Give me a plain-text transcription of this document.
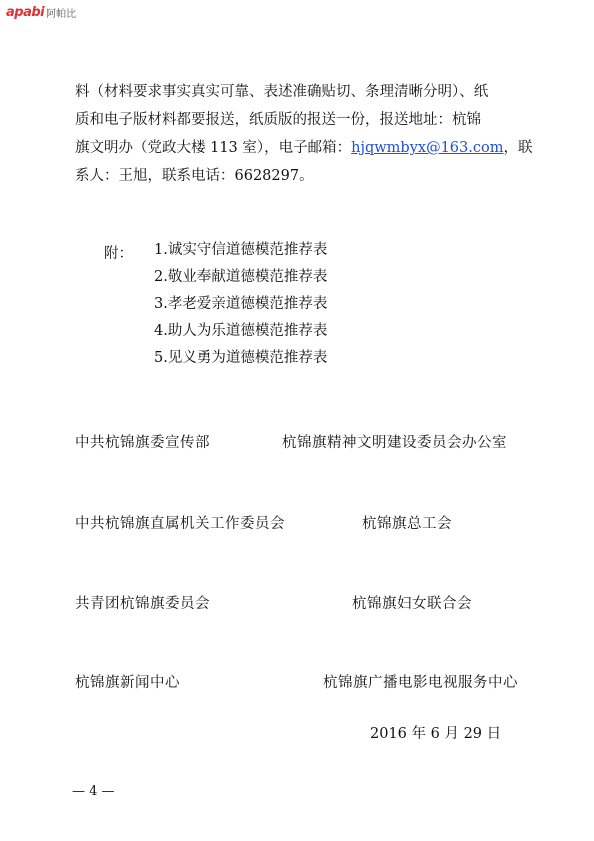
apabi 阿帕比
料（材料要求事实真实可靠、表述准确贴切、条理清晰分明）、纸
质和电子版材料都要报送，纸质版的报送一份，报送地址：杭锦
旗文明办（党政大楼 113 室），电子邮箱：hjqwmbyx@163.com，联
系人：王旭，联系电话：6628297。
附： 1.诚实守信道德模范推荐表
2.敬业奉献道德模范推荐表
3.孝老爱亲道德模范推荐表
4.助人为乐道德模范推荐表
5.见义勇为道德模范推荐表
中共杭锦旗委宣传部	杭锦旗精神文明建设委员会办公室
中共杭锦旗直属机关工作委员会	杭锦旗总工会
共青团杭锦旗委员会	杭锦旗妇女联合会
杭锦旗新闻中心	杭锦旗广播电影电视服务中心
2016 年 6 月 29 日
— 4 —
